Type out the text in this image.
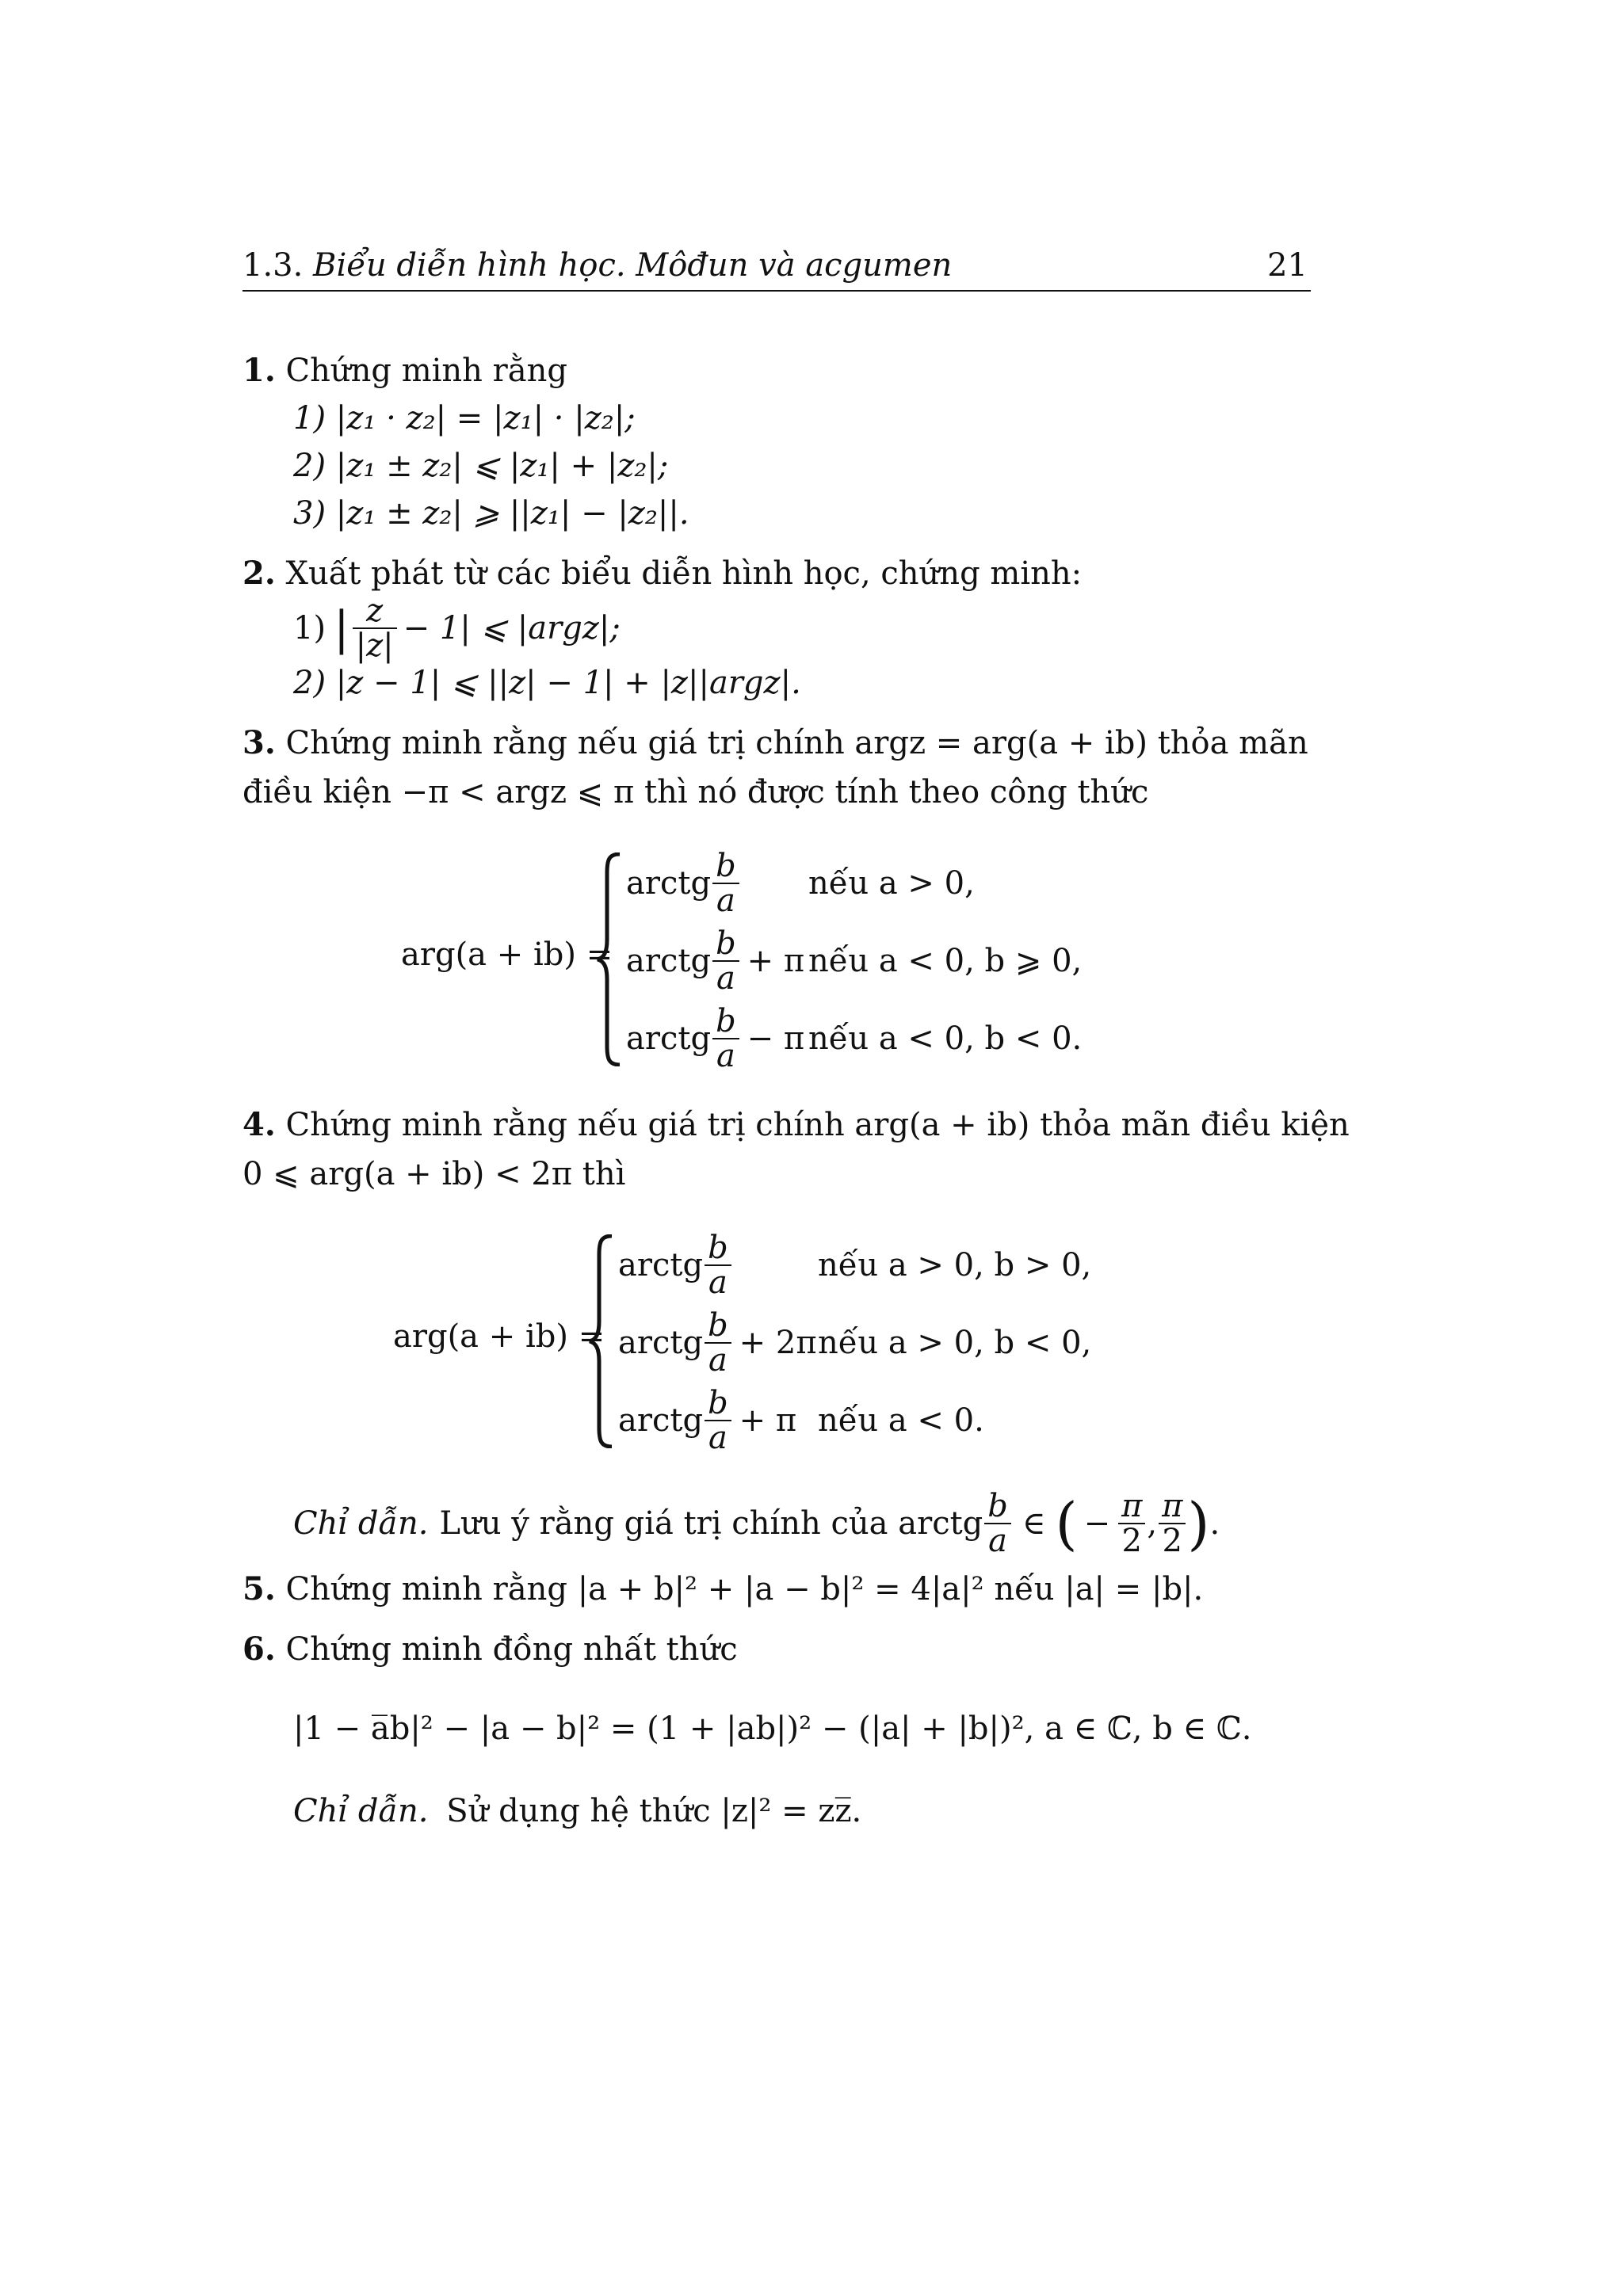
1.3. Biểu diễn hình học. Môđun và acgumen	21
1. Chứng minh rằng
1) |z₁ · z₂| = |z₁| · |z₂|;
2) |z₁ ± z₂| ⩽ |z₁| + |z₂|;
3) |z₁ ± z₂| ⩾ ||z₁| − |z₂||.
2. Xuất phát từ các biểu diễn hình học, chứng minh:
1) | $\frac{z}{|z|} - 1|$ ⩽ |argz|;
2) |z − 1| ⩽ ||z| − 1| + |z||argz|.
3. Chứng minh rằng nếu giá trị chính argz = arg(a + ib) thỏa mãn
điều kiện −π < argz ⩽ π thì nó được tính theo công thức
arg(a + ib) =
arctg $\frac{b}{a}$ nếu a > 0,
arctg $\frac{b}{a} + \pi$ nếu a < 0, b ⩾ 0,
arctg $\frac{b}{a} - \pi$ nếu a < 0, b < 0.
4. Chứng minh rằng nếu giá trị chính arg(a + ib) thỏa mãn điều kiện
0 ⩽ arg(a + ib) < 2π thì
arg(a + ib) =
arctg $\frac{b}{a}$	nếu a > 0, b > 0,
arctg $\frac{b}{a} + 2\pi$ nếu a > 0, b < 0,
arctg $\frac{b}{a} + \pi$ nếu a < 0.
Chỉ dẫn. Lưu ý rằng giá trị chính của arctg $\frac{b}{a}$ ∈ ( − $\frac{\pi}{2}$ , $\frac{\pi}{2}$ ) .
5. Chứng minh rằng |a + b|² + |a − b|² = 4|a|² nếu |a| = |b|.
6. Chứng minh đồng nhất thức
|1 − a̅b|² − |a − b|² = (1 + |ab|)² − (|a| + |b|)², a ∈ ℂ, b ∈ ℂ.
Chỉ dẫn. Sử dụng hệ thức |z|² = zz̅.
